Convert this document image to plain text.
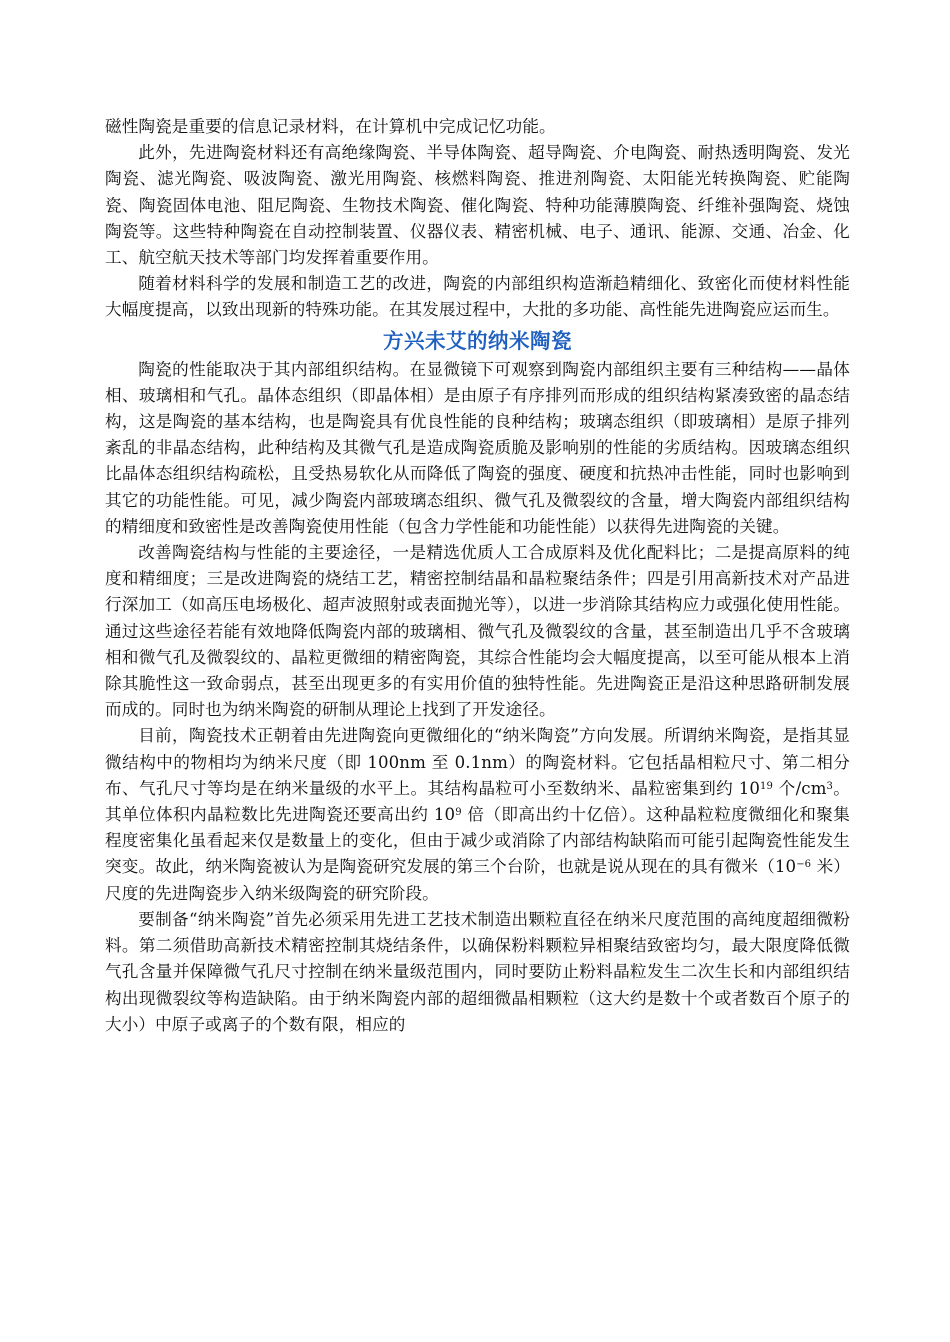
磁性陶瓷是重要的信息记录材料，在计算机中完成记忆功能。

此外，先进陶瓷材料还有高绝缘陶瓷、半导体陶瓷、超导陶瓷、介电陶瓷、耐热透明陶瓷、发光陶瓷、滤光陶瓷、吸波陶瓷、激光用陶瓷、核燃料陶瓷、推进剂陶瓷、太阳能光转换陶瓷、贮能陶瓷、陶瓷固体电池、阻尼陶瓷、生物技术陶瓷、催化陶瓷、特种功能薄膜陶瓷、纤维补强陶瓷、烧蚀陶瓷等。这些特种陶瓷在自动控制装置、仪器仪表、精密机械、电子、通讯、能源、交通、冶金、化工、航空航天技术等部门均发挥着重要作用。

随着材料科学的发展和制造工艺的改进，陶瓷的内部组织构造渐趋精细化、致密化而使材料性能大幅度提高，以致出现新的特殊功能。在其发展过程中，大批的多功能、高性能先进陶瓷应运而生。

方兴未艾的纳米陶瓷

陶瓷的性能取决于其内部组织结构。在显微镜下可观察到陶瓷内部组织主要有三种结构——晶体相、玻璃相和气孔。晶体态组织（即晶体相）是由原子有序排列而形成的组织结构紧凑致密的晶态结构，这是陶瓷的基本结构，也是陶瓷具有优良性能的良种结构；玻璃态组织（即玻璃相）是原子排列紊乱的非晶态结构，此种结构及其微气孔是造成陶瓷质脆及影响别的性能的劣质结构。因玻璃态组织比晶体态组织结构疏松，且受热易软化从而降低了陶瓷的强度、硬度和抗热冲击性能，同时也影响到其它的功能性能。可见，减少陶瓷内部玻璃态组织、微气孔及微裂纹的含量，增大陶瓷内部组织结构的精细度和致密性是改善陶瓷使用性能（包含力学性能和功能性能）以获得先进陶瓷的关键。

改善陶瓷结构与性能的主要途径，一是精选优质人工合成原料及优化配料比；二是提高原料的纯度和精细度；三是改进陶瓷的烧结工艺，精密控制结晶和晶粒聚结条件；四是引用高新技术对产品进行深加工（如高压电场极化、超声波照射或表面抛光等），以进一步消除其结构应力或强化使用性能。通过这些途径若能有效地降低陶瓷内部的玻璃相、微气孔及微裂纹的含量，甚至制造出几乎不含玻璃相和微气孔及微裂纹的、晶粒更微细的精密陶瓷，其综合性能均会大幅度提高，以至可能从根本上消除其脆性这一致命弱点，甚至出现更多的有实用价值的独特性能。先进陶瓷正是沿这种思路研制发展而成的。同时也为纳米陶瓷的研制从理论上找到了开发途径。

目前，陶瓷技术正朝着由先进陶瓷向更微细化的“纳米陶瓷”方向发展。所谓纳米陶瓷，是指其显微结构中的物相均为纳米尺度（即 100nm 至 0.1nm）的陶瓷材料。它包括晶相粒尺寸、第二相分布、气孔尺寸等均是在纳米量级的水平上。其结构晶粒可小至数纳米、晶粒密集到约 $10^{19}$ 个$/cm^3$。其单位体积内晶粒数比先进陶瓷还要高出约 $10^9$ 倍（即高出约十亿倍）。这种晶粒粒度微细化和聚集程度密集化虽看起来仅是数量上的变化，但由于减少或消除了内部结构缺陷而可能引起陶瓷性能发生突变。故此，纳米陶瓷被认为是陶瓷研究发展的第三个台阶，也就是说从现在的具有微米（$10^{-6}$ 米）尺度的先进陶瓷步入纳米级陶瓷的研究阶段。

要制备“纳米陶瓷”首先必须采用先进工艺技术制造出颗粒直径在纳米尺度范围的高纯度超细微粉料。第二须借助高新技术精密控制其烧结条件，以确保粉料颗粒异相聚结致密均匀，最大限度降低微气孔含量并保障微气孔尺寸控制在纳米量级范围内，同时要防止粉料晶粒发生二次生长和内部组织结构出现微裂纹等构造缺陷。由于纳米陶瓷内部的超细微晶相颗粒（这大约是数十个或者数百个原子的大小）中原子或离子的个数有限，相应的
